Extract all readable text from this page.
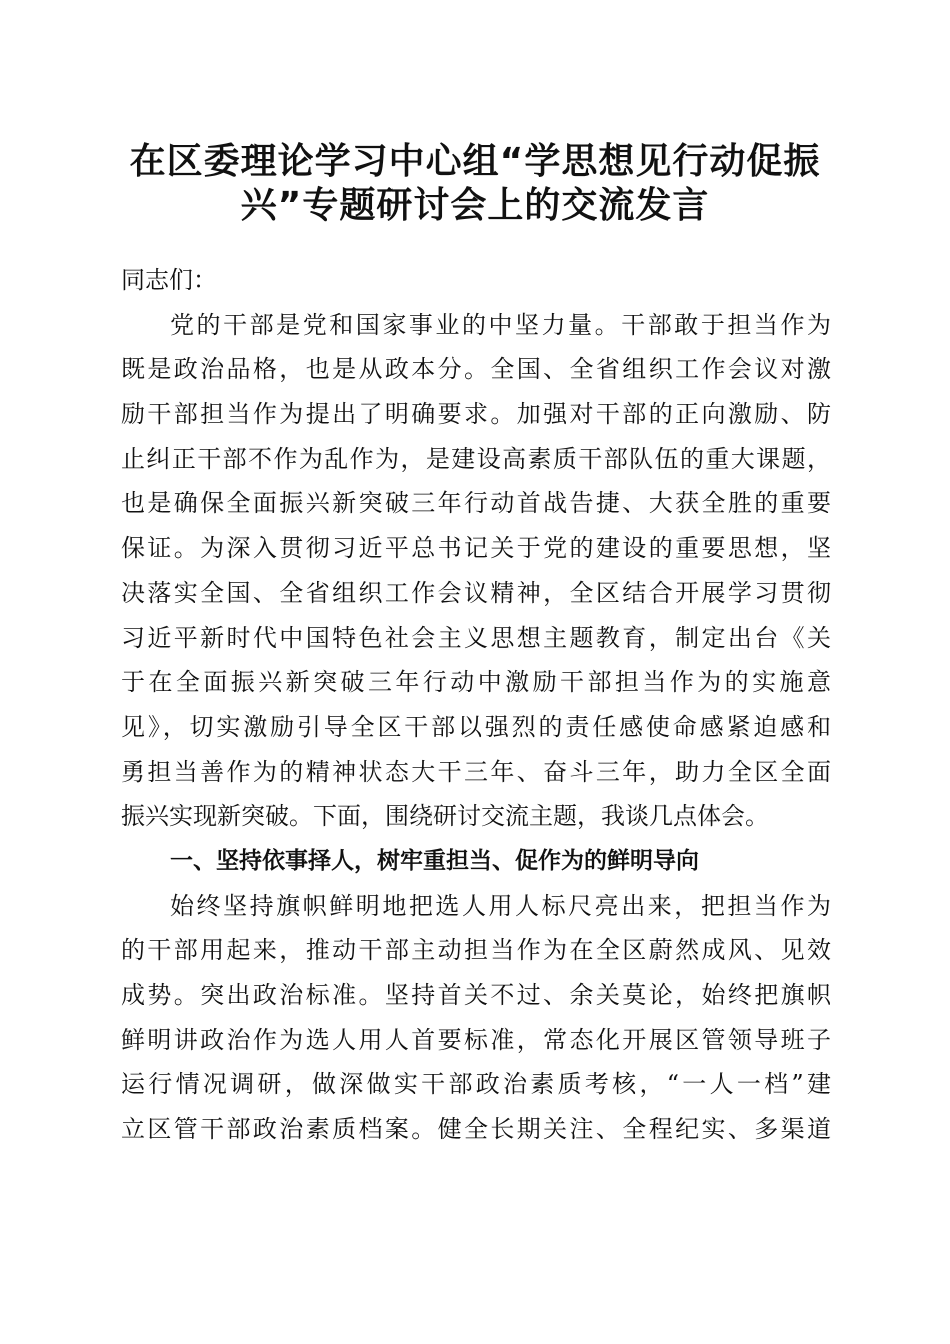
在区委理论学习中心组“学思想见行动促振
兴”专题研讨会上的交流发言
同志们：
党的干部是党和国家事业的中坚力量。干部敢于担当作为
既是政治品格，也是从政本分。全国、全省组织工作会议对激
励干部担当作为提出了明确要求。加强对干部的正向激励、防
止纠正干部不作为乱作为，是建设高素质干部队伍的重大课题，
也是确保全面振兴新突破三年行动首战告捷、大获全胜的重要
保证。为深入贯彻习近平总书记关于党的建设的重要思想，坚
决落实全国、全省组织工作会议精神，全区结合开展学习贯彻
习近平新时代中国特色社会主义思想主题教育，制定出台《关
于在全面振兴新突破三年行动中激励干部担当作为的实施意
见》，切实激励引导全区干部以强烈的责任感使命感紧迫感和
勇担当善作为的精神状态大干三年、奋斗三年，助力全区全面
振兴实现新突破。下面，围绕研讨交流主题，我谈几点体会。
一、坚持依事择人，树牢重担当、促作为的鲜明导向
始终坚持旗帜鲜明地把选人用人标尺亮出来，把担当作为
的干部用起来，推动干部主动担当作为在全区蔚然成风、见效
成势。突出政治标准。坚持首关不过、余关莫论，始终把旗帜
鲜明讲政治作为选人用人首要标准，常态化开展区管领导班子
运行情况调研，做深做实干部政治素质考核，“一人一档”建
立区管干部政治素质档案。健全长期关注、全程纪实、多渠道
